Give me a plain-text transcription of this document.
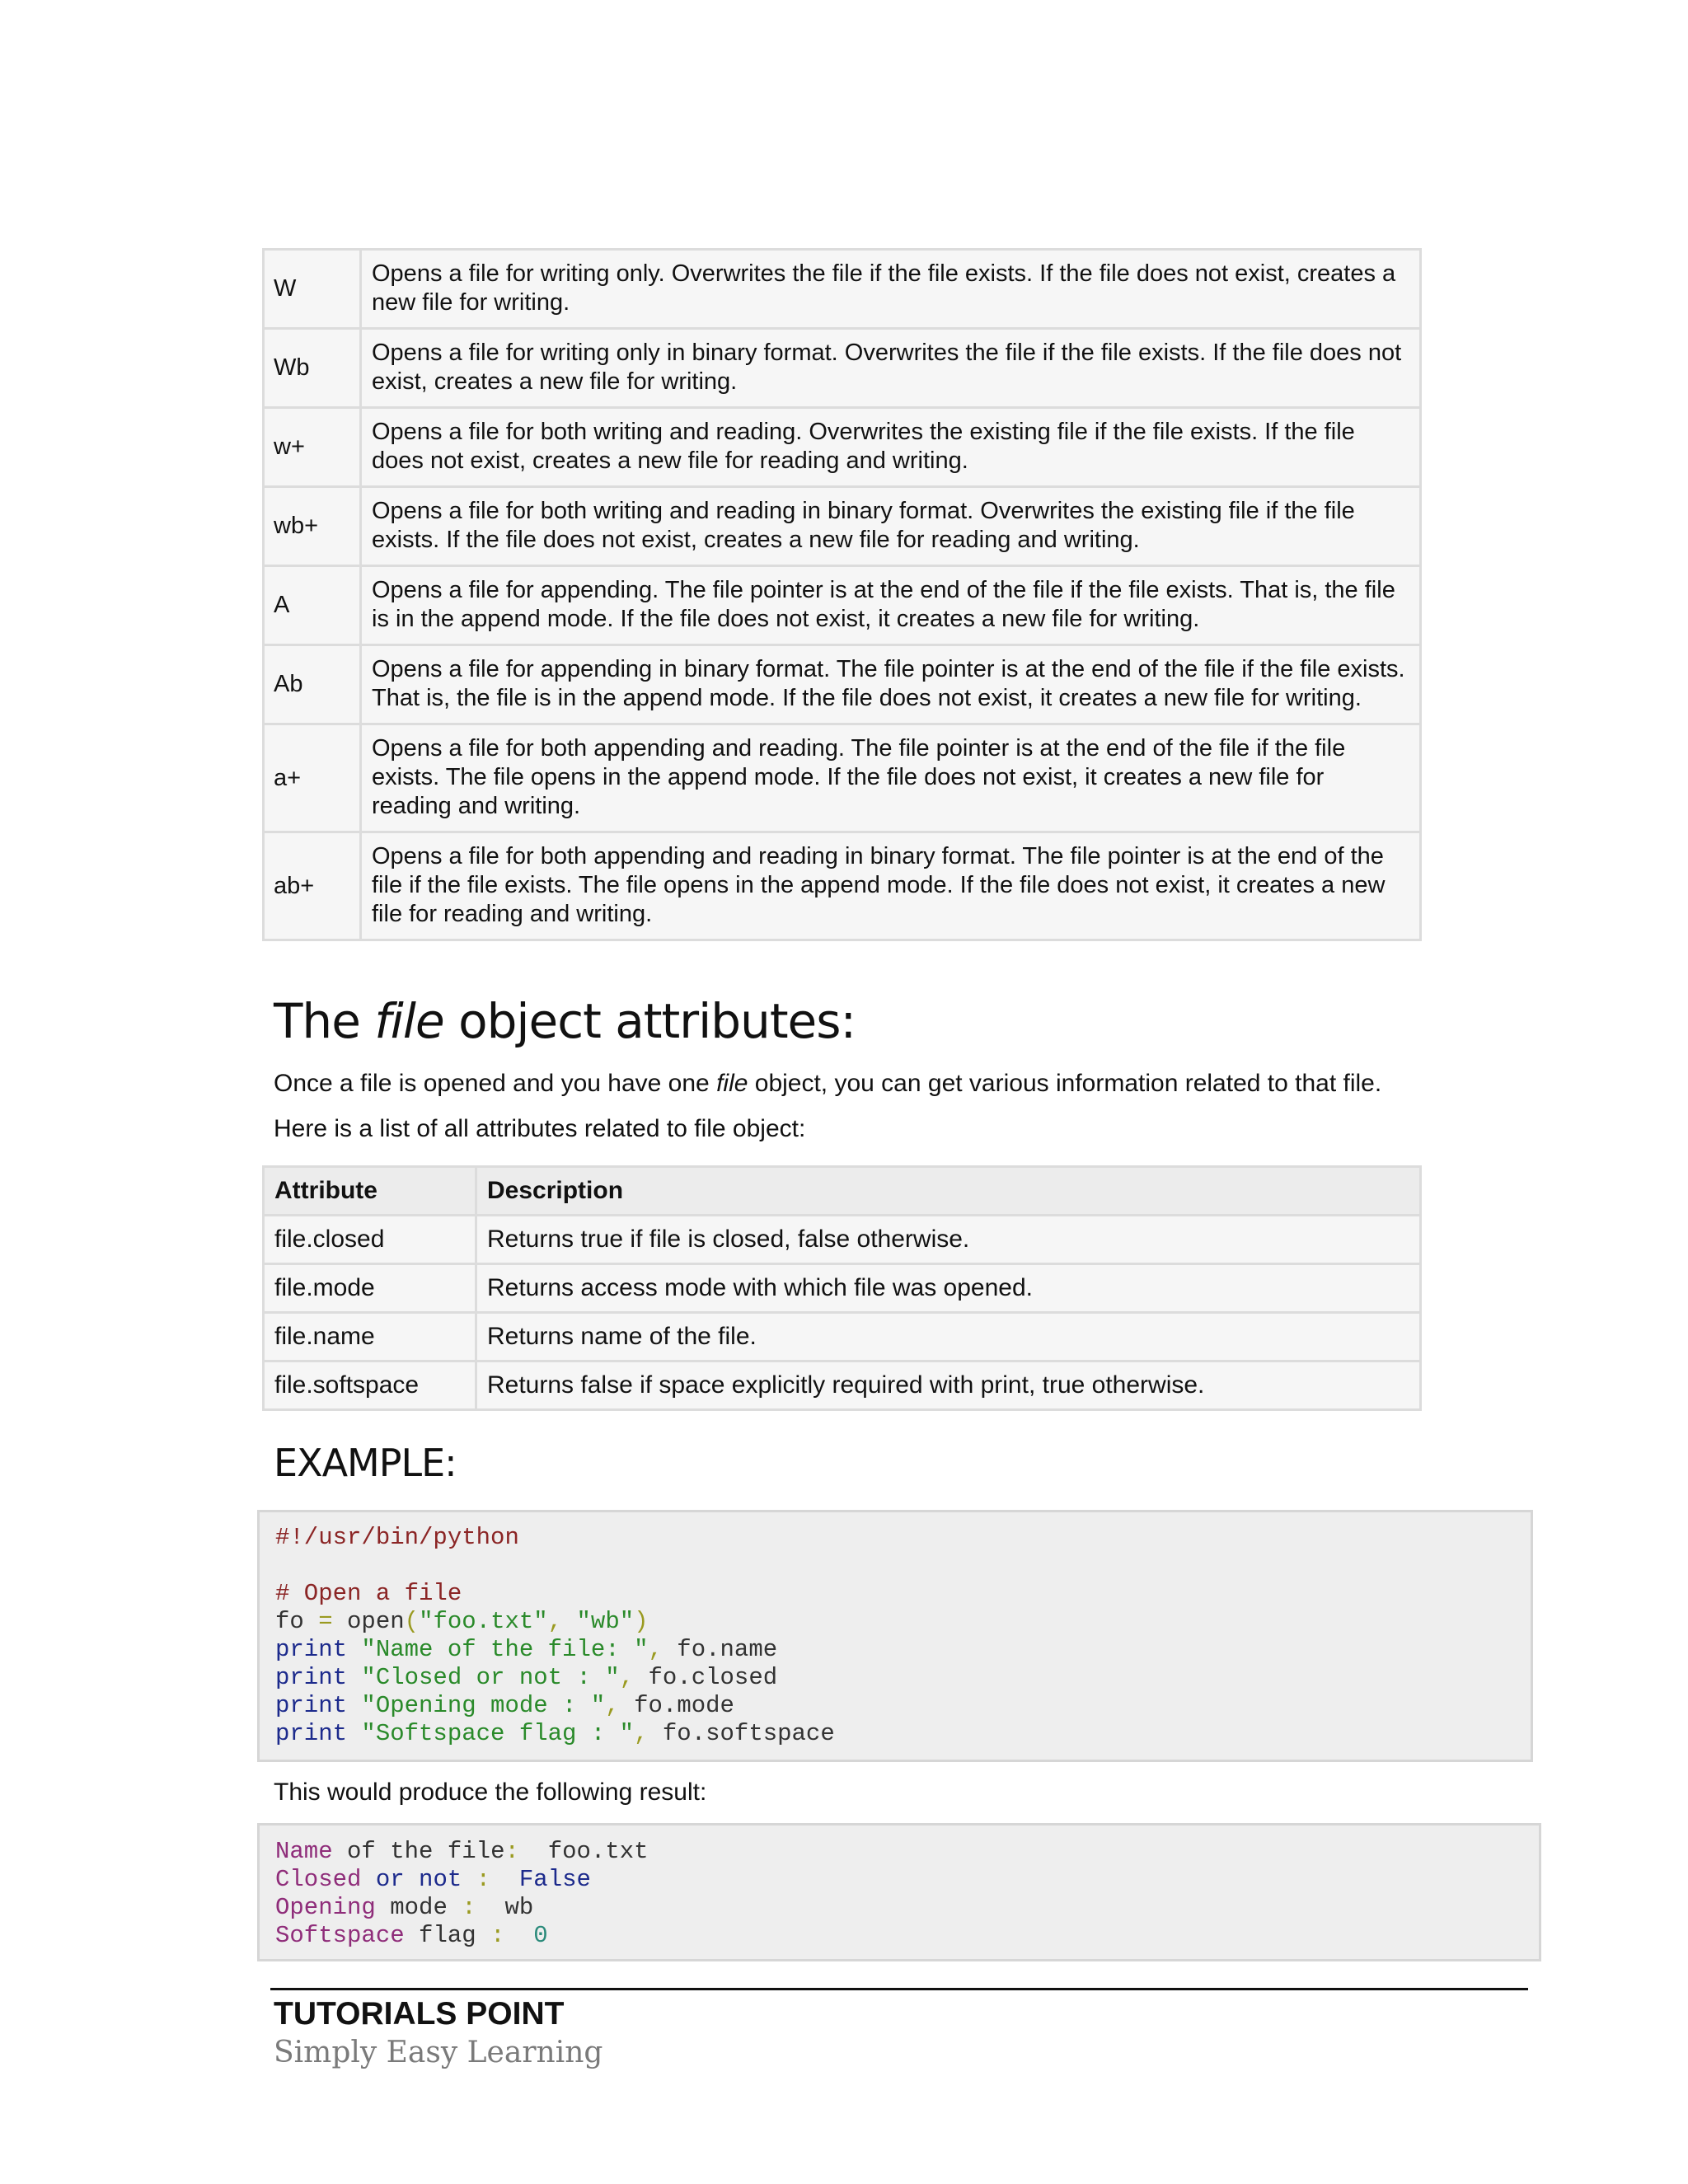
W	Opens a file for writing only. Overwrites the file if the file exists. If the file does not exist, creates a new file for writing.
Wb	Opens a file for writing only in binary format. Overwrites the file if the file exists. If the file does not exist, creates a new file for writing.
w+	Opens a file for both writing and reading. Overwrites the existing file if the file exists. If the file does not exist, creates a new file for reading and writing.
wb+	Opens a file for both writing and reading in binary format. Overwrites the existing file if the file exists. If the file does not exist, creates a new file for reading and writing.
A	Opens a file for appending. The file pointer is at the end of the file if the file exists. That is, the file is in the append mode. If the file does not exist, it creates a new file for writing.
Ab	Opens a file for appending in binary format. The file pointer is at the end of the file if the file exists. That is, the file is in the append mode. If the file does not exist, it creates a new file for writing.
a+	Opens a file for both appending and reading. The file pointer is at the end of the file if the file exists. The file opens in the append mode. If the file does not exist, it creates a new file for reading and writing.
ab+	Opens a file for both appending and reading in binary format. The file pointer is at the end of the file if the file exists. The file opens in the append mode. If the file does not exist, it creates a new file for reading and writing.
The file object attributes:

Once a file is opened and you have one file object, you can get various information related to that file.

Here is a list of all attributes related to file object:

Attribute	Description
file.closed	Returns true if file is closed, false otherwise.
file.mode	Returns access mode with which file was opened.
file.name	Returns name of the file.
file.softspace	Returns false if space explicitly required with print, true otherwise.
EXAMPLE:
#!/usr/bin/python
# Open a file
fo = open("foo.txt", "wb")
print "Name of the file: ", fo.name
print "Closed or not : ", fo.closed
print "Opening mode : ", fo.mode
print "Softspace flag : ", fo.softspace

This would produce the following result:

Name of the file: foo.txt
Closed or not : False
Opening mode : wb
Softspace flag : 0

TUTORIALS POINT

Simply Easy Learning
